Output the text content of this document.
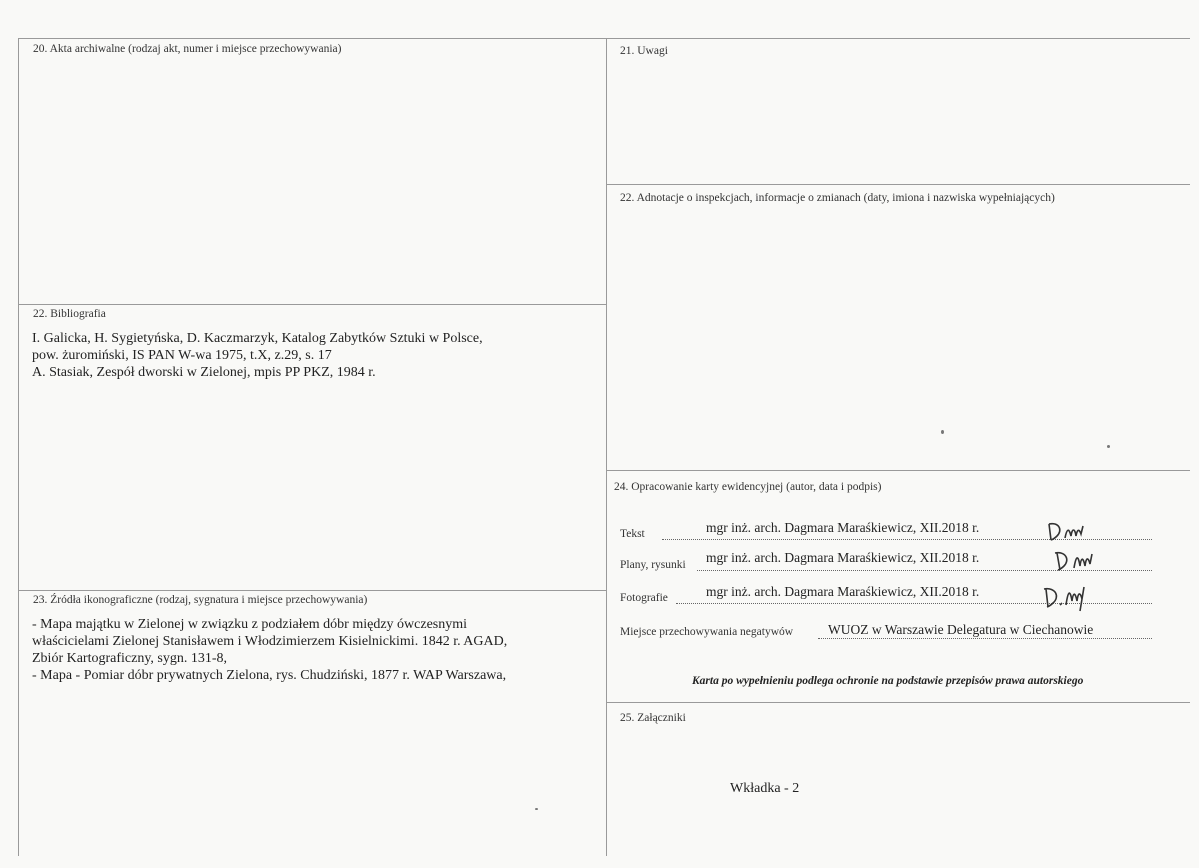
20. Akta archiwalne (rodzaj akt, numer i miejsce przechowywania)	21. Uwagi
22. Adnotacje o inspekcjach, informacje o zmianach (daty, imiona i nazwiska wypełniających)
22. Bibliografia
I. Galicka, H. Sygietyńska, D. Kaczmarzyk, Katalog Zabytków Sztuki w Polsce,
pow. żuromiński, IS PAN W-wa 1975, t.X, z.29, s. 17
A. Stasiak, Zespół dworski w Zielonej, mpis PP PKZ, 1984 r.
23. Źródła ikonograficzne (rodzaj, sygnatura i miejsce przechowywania)
- Mapa majątku w Zielonej w związku z podziałem dóbr między ówczesnymi
właścicielami Zielonej Stanisławem i Włodzimierzem Kisielnickimi. 1842 r. AGAD,
Zbiór Kartograficzny, sygn. 131-8,
- Mapa - Pomiar dóbr prywatnych Zielona, rys. Chudziński, 1877 r. WAP Warszawa,
24. Opracowanie karty ewidencyjnej (autor, data i podpis)
Tekst	mgr inż. arch. Dagmara Maraśkiewicz, XII.2018 r.
Plany, rysunki mgr inż. arch. Dagmara Maraśkiewicz, XII.2018 r.
Fotografie	mgr inż. arch. Dagmara Maraśkiewicz, XII.2018 r.
Miejsce przechowywania negatywów	WUOZ w Warszawie Delegatura w Ciechanowie
Karta po wypełnieniu podlega ochronie na podstawie przepisów prawa autorskiego
25. Załączniki
Wkładka - 2
